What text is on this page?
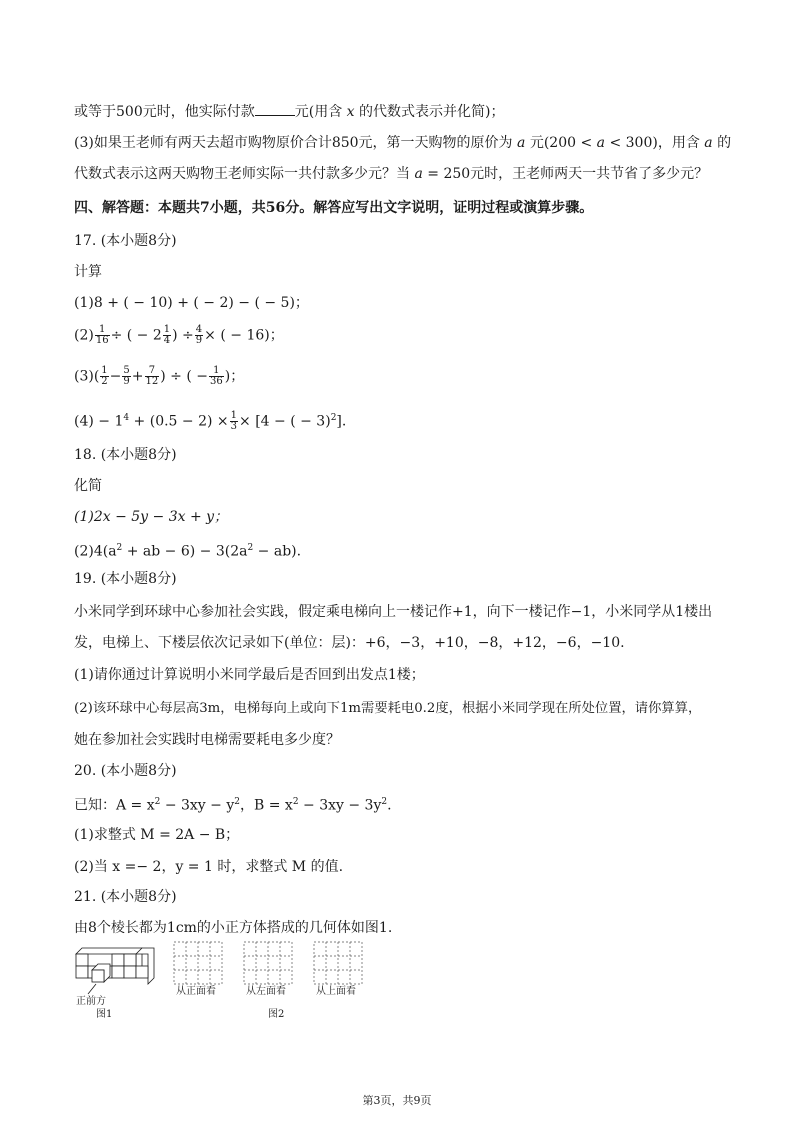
或等于500元时，他实际付款	元(用含 x 的代数式表示并化简)；
(3)如果王老师有两天去超市购物原价合计850元，第一天购物的原价为 a 元(200 < a < 300)，用含 a 的
代数式表示这两天购物王老师实际一共付款多少元？当 a = 250元时，王老师两天一共节省了多少元？
四、解答题：本题共7小题，共56分。解答应写出文字说明，证明过程或演算步骤。
17. (本小题8分)
计算
(1)8 + ( − 10) + ( − 2) − ( − 5)；
$(2) \frac{1}{16}$ ÷ ( − $2 \frac{1}{4}$ ) ÷ $\frac{4}{9}$ × ( − 16)；
$(3)( \frac{1}{2} - \frac{5}{9} + \frac{7}{12}$ ) ÷ ( − $\frac{1}{36}$ )；
$(4) - 1^4 + (0.5 - 2) \times \frac{1}{3} \times [4$ − ( − 3)$^2$].
18. (本小题8分)
化简
(1)2x − 5y − 3x + y；
$(2)4(a^2$ + ab − $6) - 3(2a^2 - ab)$.
19. (本小题8分)
小米同学到环球中心参加社会实践，假定乘电梯向上一楼记作+1，向下一楼记作−1，小米同学从1楼出
发，电梯上、下楼层依次记录如下(单位：层)：+6，−3，+10，−8，+12，−6，−10.
(1)请你通过计算说明小米同学最后是否回到出发点1楼；
(2)该环球中心每层高3m，电梯每向上或向下1m需要耗电0.2度，根据小米同学现在所处位置，请你算算，
她在参加社会实践时电梯需要耗电多少度？
20. (本小题8分)
已知：$A = x^2 - 3xy - y^2$，$B = x^2 - 3xy - 3y^2$.
(1)求整式 M = 2A − B；
(2)当 x =− 2，y = 1 时，求整式 M 的值.
21. (本小题8分)
由8个棱长都为1cm的小正方体搭成的几何体如图1.
正前方
图1
从正面看	从左面看	从上面看
图2
第3页，共9页
